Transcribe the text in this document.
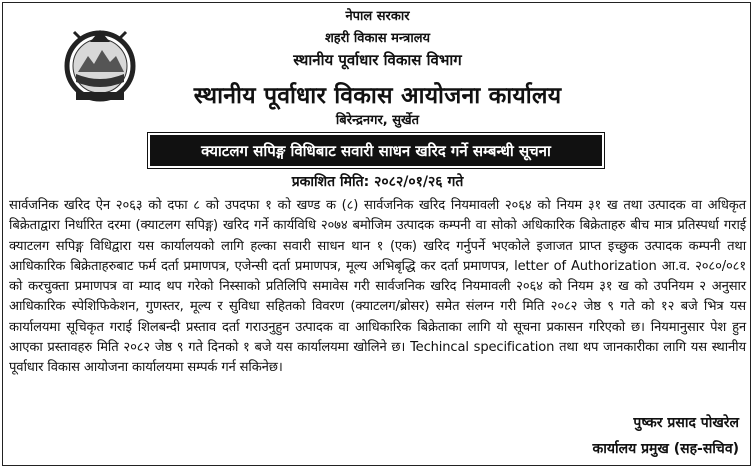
नेपाल सरकार
शहरी विकास मन्त्रालय
स्थानीय पूर्वाधार विकास विभाग
स्थानीय पूर्वाधार विकास आयोजना कार्यालय
बिरेन्द्रनगर, सुर्खेत
क्याटलग सपिङ्ग विधिबाट सवारी साधन खरिद गर्ने सम्बन्धी सूचना
प्रकाशित मिति: २०८२/०१/२६ गते

सार्वजनिक खरिद ऐन २०६३ को दफा ८ को उपदफा १ को खण्ड क (८) सार्वजनिक खरिद नियमावली २०६४ को नियम ३१ ख तथा उत्पादक वा अधिकृत बिक्रेताद्वारा निर्धारित दरमा (क्याटलग सपिङ्ग) खरिद गर्ने कार्यविधि २०७४ बमोजिम उत्पादक कम्पनी वा सोको अधिकारिक बिक्रेताहरु बीच मात्र प्रतिस्पर्धा गराई क्याटलग सपिङ्ग विधिद्वारा यस कार्यालयको लागि हल्का सवारी साधन थान १ (एक) खरिद गर्नुपर्ने भएकोले इजाजत प्राप्त इच्छुक उत्पादक कम्पनी तथा आधिकारिक बिक्रेताहरुबाट फर्म दर्ता प्रमाणपत्र, एजेन्सी दर्ता प्रमाणपत्र, मूल्य अभिबृद्धि कर दर्ता प्रमाणपत्र, letter of Authorization आ.व. २०८०/०८१ को करचुक्ता प्रमाणपत्र वा म्याद थप गरेको निस्साको प्रतिलिपि समावेस गरी सार्वजनिक खरिद नियमावली २०६४ को नियम ३१ ख को उपनियम २ अनुसार आधिकारिक स्पेशिफिकेशन, गुणस्तर, मूल्य र सुविधा सहितको विवरण (क्याटलग/ब्रोसर) समेत संलग्न गरी मिति २०८२ जेष्ठ ९ गते को १२ बजे भित्र यस कार्यालयमा सूचिकृत गराई शिलबन्दी प्रस्ताव दर्ता गराउनुहुन उत्पादक वा आधिकारिक बिक्रेताका लागि यो सूचना प्रकासन गरिएको छ। नियमानुसार पेश हुन आएका प्रस्तावहरु मिति २०८२ जेष्ठ ९ गते दिनको १ बजे यस कार्यालयमा खोलिने छ। Techincal specification तथा थप जानकारीका लागि यस स्थानीय पूर्वाधार विकास आयोजना कार्यालयमा सम्पर्क गर्न सकिनेछ।

पुष्कर प्रसाद पोखरेल
कार्यालय प्रमुख (सह-सचिव)
